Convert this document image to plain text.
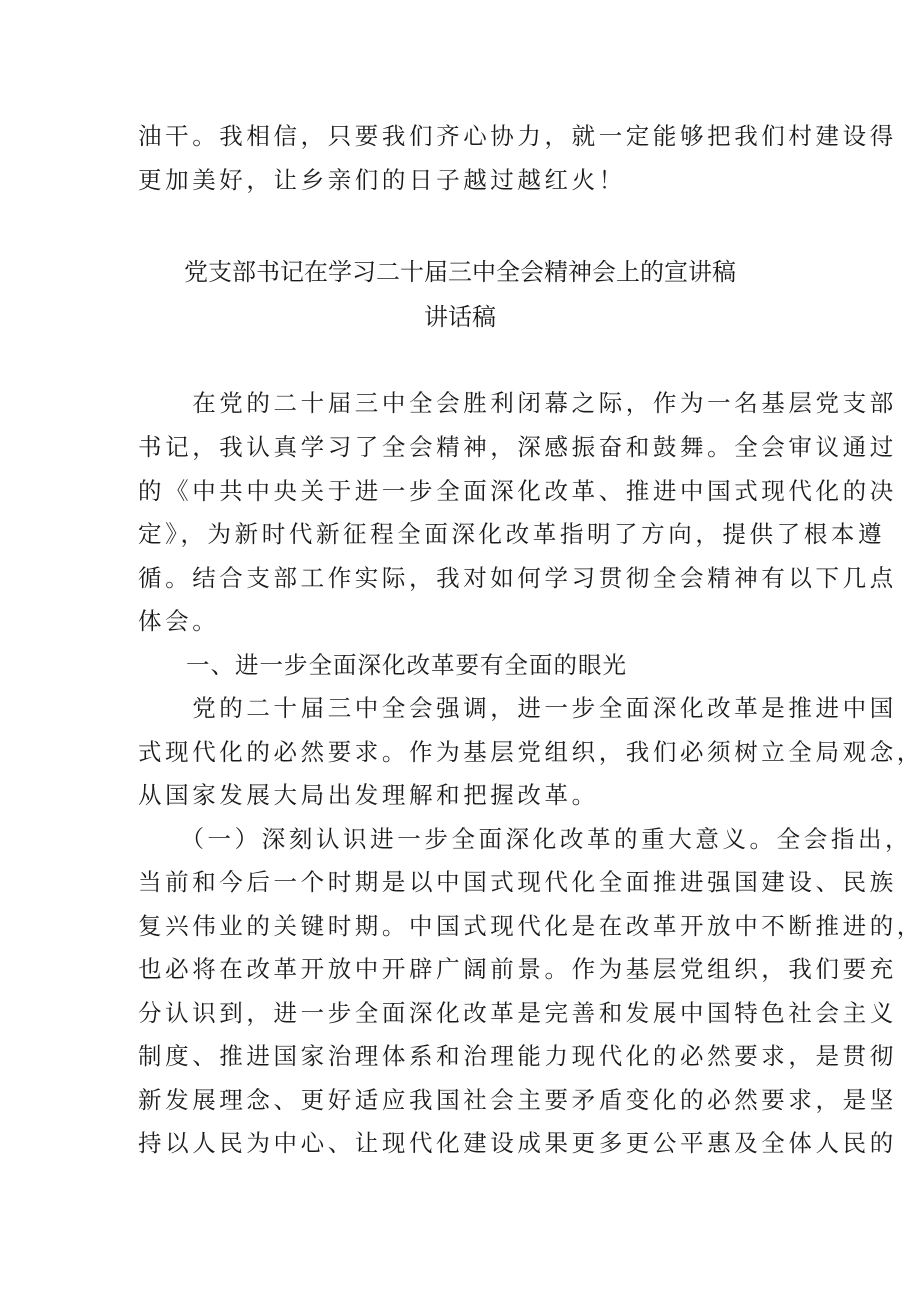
油干。我相信，只要我们齐心协力，就一定能够把我们村建设得
更加美好，让乡亲们的日子越过越红火！
党支部书记在学习二十届三中全会精神会上的宣讲稿
讲话稿
　　在党的二十届三中全会胜利闭幕之际，作为一名基层党支部
书记，我认真学习了全会精神，深感振奋和鼓舞。全会审议通过
的《中共中央关于进一步全面深化改革、推进中国式现代化的决
定》，为新时代新征程全面深化改革指明了方向，提供了根本遵
循。结合支部工作实际，我对如何学习贯彻全会精神有以下几点
体会。
一、进一步全面深化改革要有全面的眼光
　　党的二十届三中全会强调，进一步全面深化改革是推进中国
式现代化的必然要求。作为基层党组织，我们必须树立全局观念，
从国家发展大局出发理解和把握改革。
　　（一）深刻认识进一步全面深化改革的重大意义。全会指出，
当前和今后一个时期是以中国式现代化全面推进强国建设、民族
复兴伟业的关键时期。中国式现代化是在改革开放中不断推进的，
也必将在改革开放中开辟广阔前景。作为基层党组织，我们要充
分认识到，进一步全面深化改革是完善和发展中国特色社会主义
制度、推进国家治理体系和治理能力现代化的必然要求，是贯彻
新发展理念、更好适应我国社会主要矛盾变化的必然要求，是坚
持以人民为中心、让现代化建设成果更多更公平惠及全体人民的
